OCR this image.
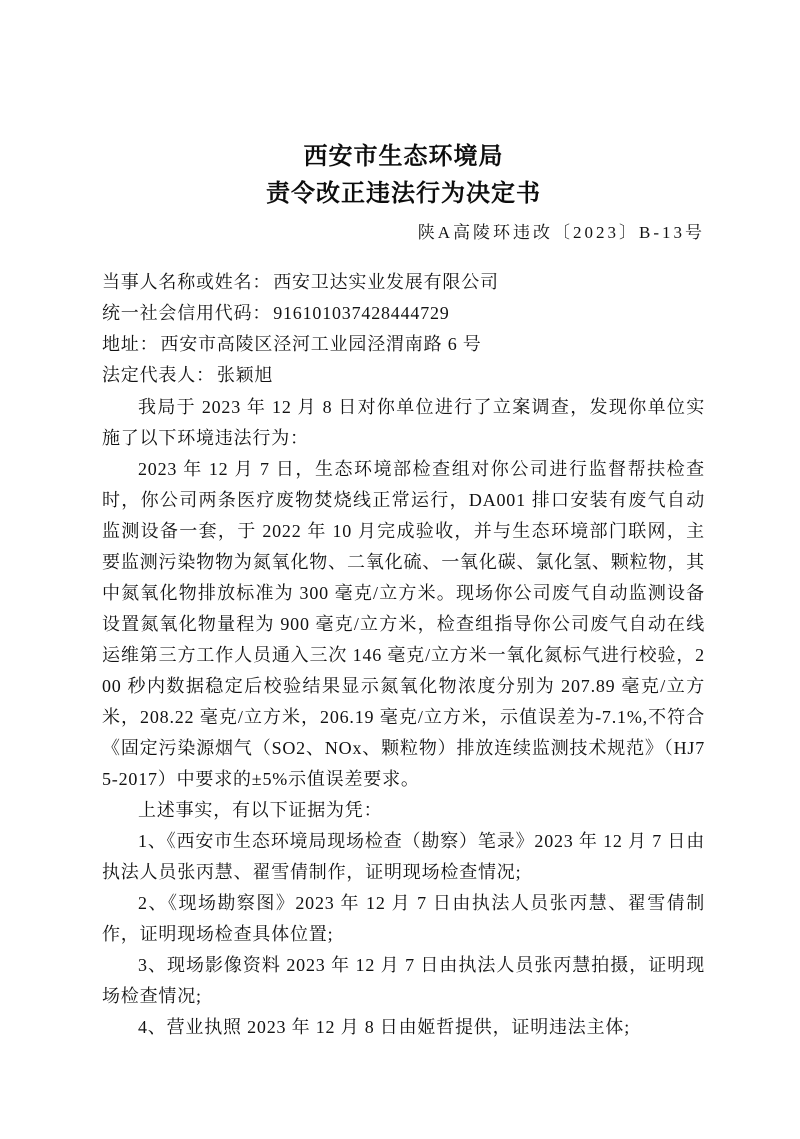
西安市生态环境局
责令改正违法行为决定书
陕A高陵环违改〔2023〕B-13号
当事人名称或姓名： 西安卫达实业发展有限公司
统一社会信用代码： 916101037428444729
地址： 西安市高陵区泾河工业园泾渭南路 6 号
法定代表人： 张颖旭

我局于 2023 年 12 月 8 日对你单位进行了立案调查，发现你单位实施了以下环境违法行为：

2023 年 12 月 7 日，生态环境部检查组对你公司进行监督帮扶检查时，你公司两条医疗废物焚烧线正常运行，DA001 排口安装有废气自动监测设备一套，于 2022 年 10 月完成验收，并与生态环境部门联网，主要监测污染物物为氮氧化物、二氧化硫、一氧化碳、氯化氢、颗粒物，其中氮氧化物排放标准为 300 毫克/立方米。现场你公司废气自动监测设备设置氮氧化物量程为 900 毫克/立方米，检查组指导你公司废气自动在线运维第三方工作人员通入三次 146 毫克/立方米一氧化氮标气进行校验，200 秒内数据稳定后校验结果显示氮氧化物浓度分别为 207.89 毫克/立方米，208.22 毫克/立方米，206.19 毫克/立方米，示值误差为-7.1%,不符合《固定污染源烟气（SO2、NOx、颗粒物）排放连续监测技术规范》（HJ75-2017）中要求的±5%示值误差要求。

上述事实，有以下证据为凭：

1、《西安市生态环境局现场检查（勘察）笔录》2023 年 12 月 7 日由执法人员张丙慧、翟雪倩制作，证明现场检查情况;

2、《现场勘察图》2023 年 12 月 7 日由执法人员张丙慧、翟雪倩制作，证明现场检查具体位置;

3、现场影像资料 2023 年 12 月 7 日由执法人员张丙慧拍摄，证明现场检查情况;

4、营业执照 2023 年 12 月 8 日由姬哲提供，证明违法主体;
